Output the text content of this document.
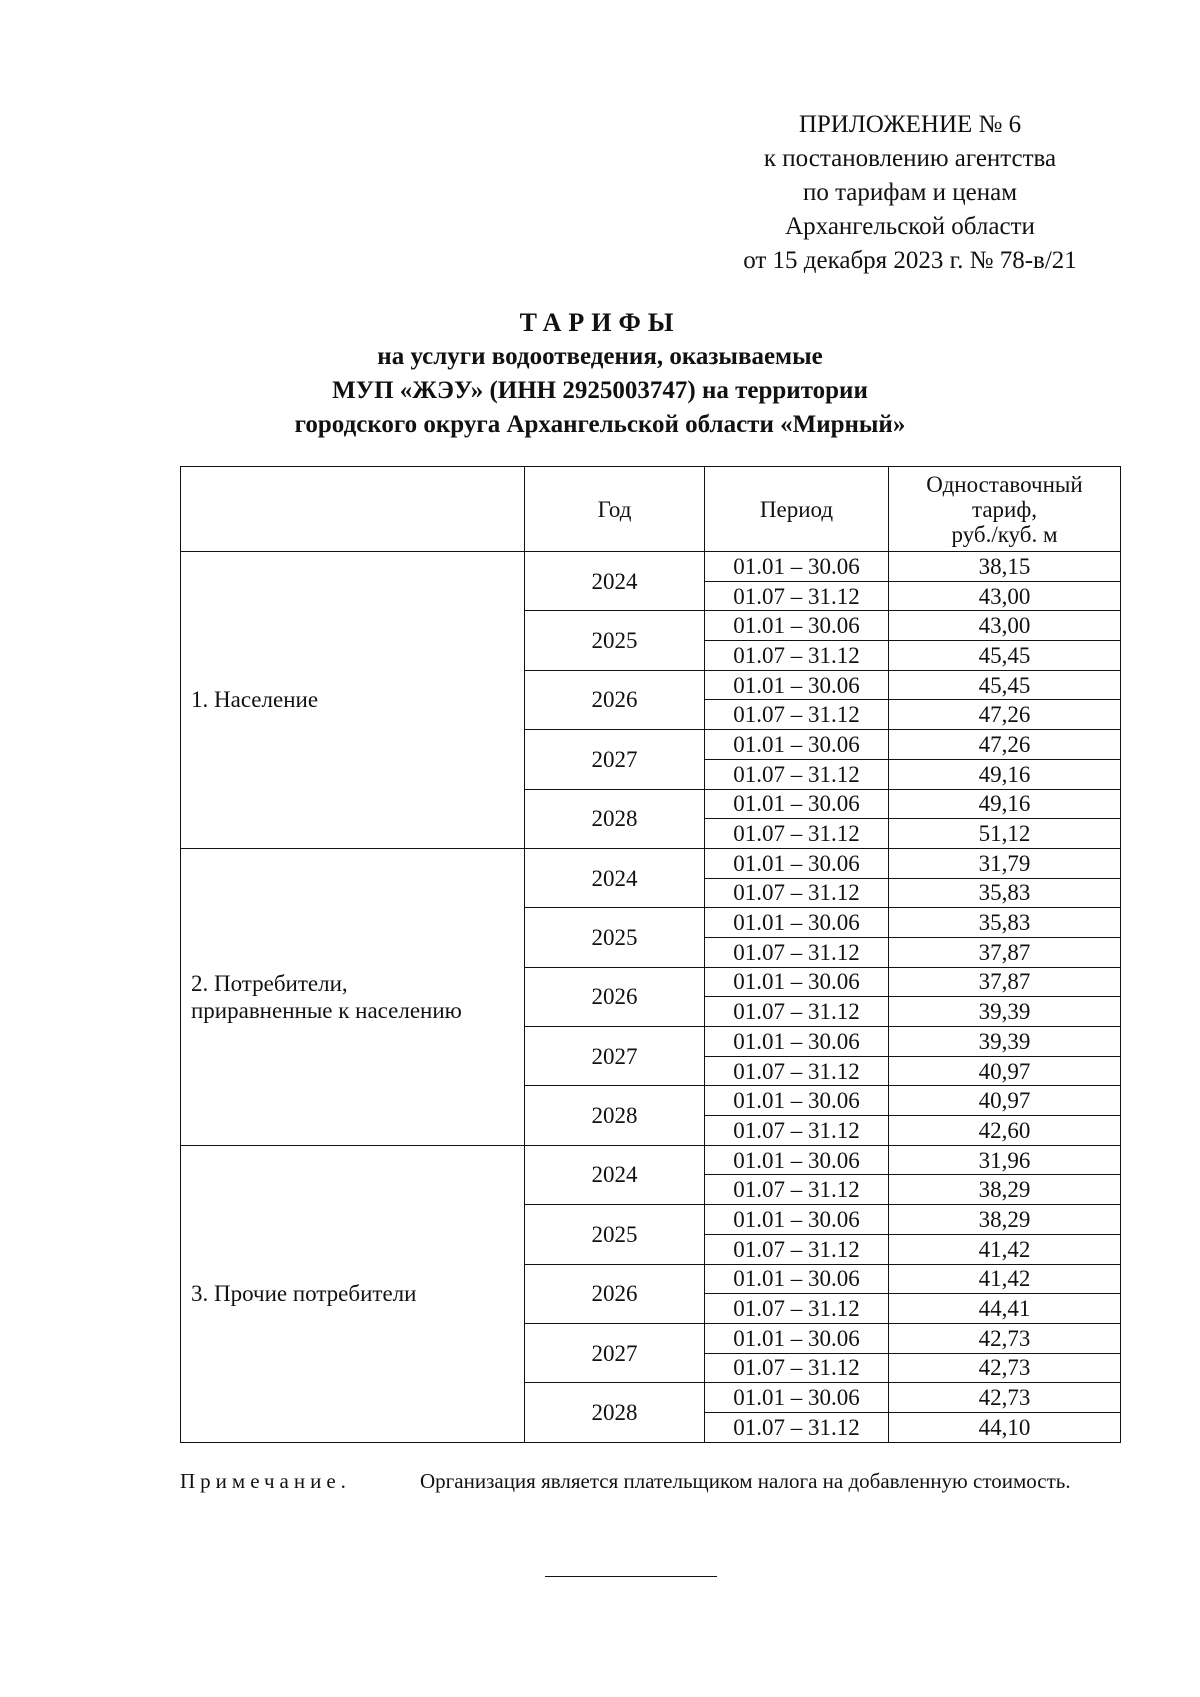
ПРИЛОЖЕНИЕ № 6
к постановлению агентства
по тарифам и ценам
Архангельской области
от 15 декабря 2023 г. № 78-в/21
ТАРИФЫ
на услуги водоотведения, оказываемые
МУП «ЖЭУ» (ИНН 2925003747) на территории
городского округа Архангельской области «Мирный»
	Год	Период	Одноставочный
тариф,
руб./куб. м

1. Население	2024	01.01 – 30.06	38,15
		01.07 – 31.12	43,00
	2025	01.01 – 30.06	43,00
		01.07 – 31.12	45,45
	2026	01.01 – 30.06	45,45
		01.07 – 31.12	47,26
	2027	01.01 – 30.06	47,26
		01.07 – 31.12	49,16
	2028	01.01 – 30.06	49,16
		01.07 – 31.12	51,12

2. Потребители,
приравненные к населению	2024	01.01 – 30.06	31,79
		01.07 – 31.12	35,83
	2025	01.01 – 30.06	35,83
		01.07 – 31.12	37,87
	2026	01.01 – 30.06	37,87
		01.07 – 31.12	39,39
	2027	01.01 – 30.06	39,39
		01.07 – 31.12	40,97
	2028	01.01 – 30.06	40,97
		01.07 – 31.12	42,60

3. Прочие потребители	2024	01.01 – 30.06	31,96
		01.07 – 31.12	38,29
	2025	01.01 – 30.06	38,29
		01.07 – 31.12	41,42
	2026	01.01 – 30.06	41,42
		01.07 – 31.12	44,41
	2027	01.01 – 30.06	42,73
		01.07 – 31.12	42,73
	2028	01.01 – 30.06	42,73
		01.07 – 31.12	44,10
Примечание.	Организация является плательщиком налога на добавленную стоимость.
